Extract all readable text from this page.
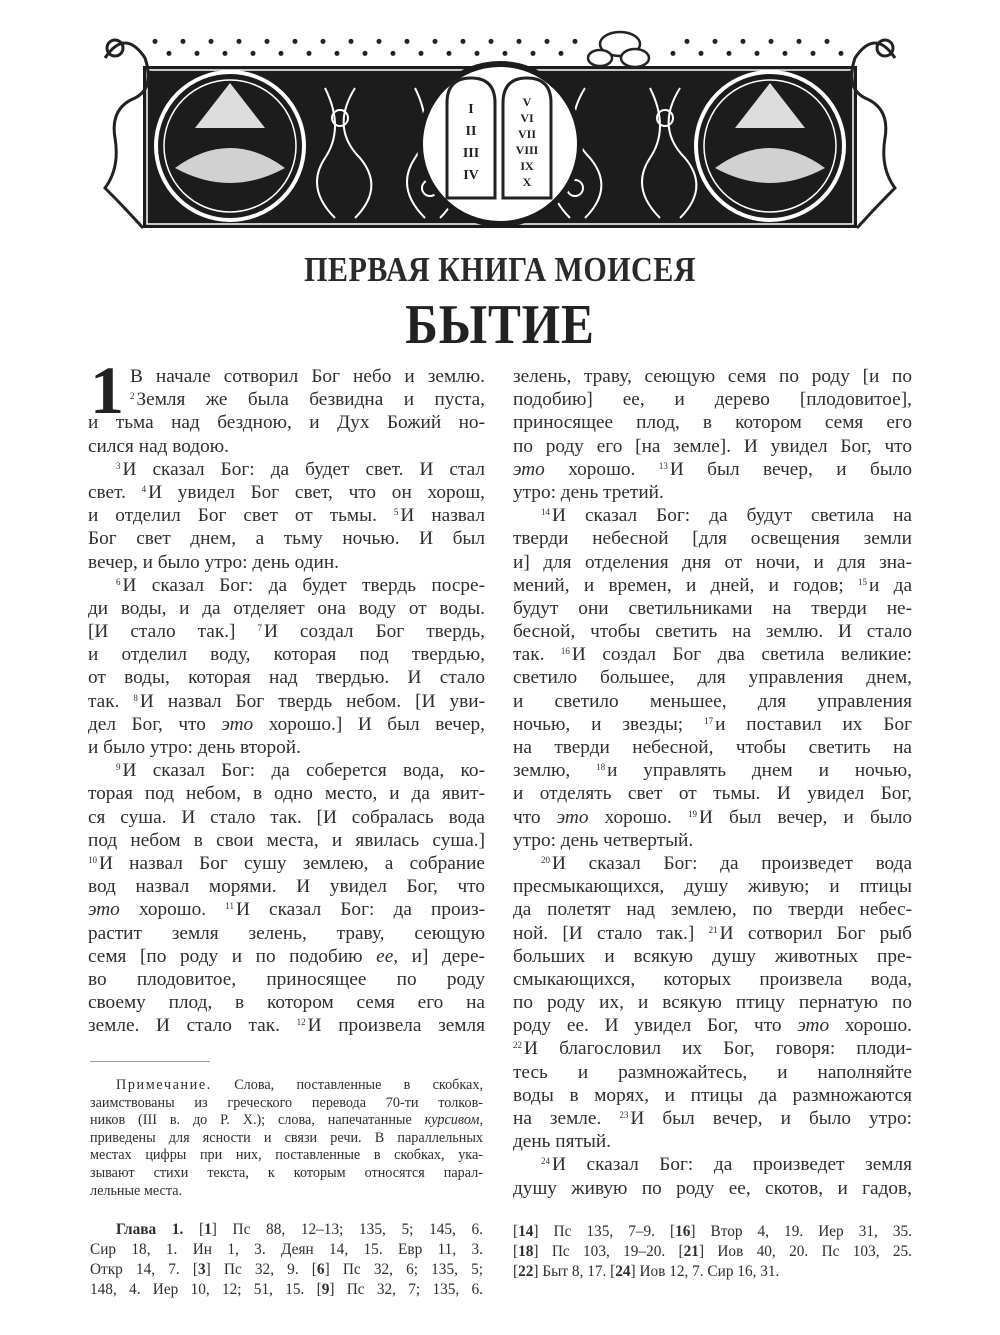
I
II
III
IV
V
VI
VII
VIII
IX
X
ПЕРВАЯ КНИГА МОИСЕЯ
БЫТИЕ
1 В начале сотворил Бог небо и землю.
$^2$ Земля же была безвидна и пуста,
и тьма над бездною, и Дух Божий но-
сился над водою.
$^3$ И сказал Бог: да будет свет. И стал
свет. $^4$ И увидел Бог свет, что он хорош,
и отделил Бог свет от тьмы. $^5$ И назвал
Бог свет днем, а тьму ночью. И был
вечер, и было утро: день один.
$^6$ И сказал Бог: да будет твердь посре-
ди воды, и да отделяет она воду от воды.
[И стало так.] $^7$ И создал Бог твердь,
и отделил воду, которая под твердью,
от воды, которая над твердью. И стало
так. $^8$ И назвал Бог твердь небом. [И уви-
дел Бог, что это хорошо.] И был вечер,
и было утро: день второй.
$^9$ И сказал Бог: да соберется вода, ко-
торая под небом, в одно место, и да явит-
ся суша. И стало так. [И собралась вода
под небом в свои места, и явилась суша.]
$^{10}$ И назвал Бог сушу землею, а собрание
вод назвал морями. И увидел Бог, что
это хорошо. $^{11}$ И сказал Бог: да произ-
растит земля зелень, траву, сеющую
семя [по роду и по подобию ее, и] дере-
во плодовитое, приносящее по роду
своему плод, в котором семя его на
земле. И стало так. $^{12}$ И произвела земля
зелень, траву, сеющую семя по роду [и по
подобию] ее, и дерево [плодовитое],
приносящее плод, в котором семя его
по роду его [на земле]. И увидел Бог, что
это хорошо. $^{13}$ И был вечер, и было
утро: день третий.
$^{14}$ И сказал Бог: да будут светила на
тверди небесной [для освещения земли
и] для отделения дня от ночи, и для зна-
мений, и времен, и дней, и годов; $^{15}$ и да
будут они светильниками на тверди не-
бесной, чтобы светить на землю. И стало
так. $^{16}$ И создал Бог два светила великие:
светило большее, для управления днем,
и светило меньшее, для управления
ночью, и звезды; $^{17}$ и поставил их Бог
на тверди небесной, чтобы светить на
землю, $^{18}$ и управлять днем и ночью,
и отделять свет от тьмы. И увидел Бог,
что это хорошо. $^{19}$ И был вечер, и было
утро: день четвертый.
$^{20}$ И сказал Бог: да произведет вода
пресмыкающихся, душу живую; и птицы
да полетят над землею, по тверди небес-
ной. [И стало так.] $^{21}$ И сотворил Бог рыб
больших и всякую душу животных пре-
смыкающихся, которых произвела вода,
по роду их, и всякую птицу пернатую по
роду ее. И увидел Бог, что это хорошо.
$^{22}$ И благословил их Бог, говоря: плоди-
тесь и размножайтесь, и наполняйте
воды в морях, и птицы да размножаются
на земле. $^{23}$ И был вечер, и было утро:
день пятый.
$^{24}$ И сказал Бог: да произведет земля
душу живую по роду ее, скотов, и гадов,
Примечание. Слова, поставленные в скобках,
заимствованы из греческого перевода 70-ти толков-
ников (III в. до Р. Х.); слова, напечатанные курсивом,
приведены для ясности и связи речи. В параллельных
местах цифры при них, поставленные в скобках, ука-
зывают стихи текста, к которым относятся парал-
лельные места.
Глава 1. [1] Пс 88, 12–13; 135, 5; 145, 6.
Сир 18, 1. Ин 1, 3. Деян 14, 15. Евр 11, 3.
Откр 14, 7. [3] Пс 32, 9. [6] Пс 32, 6; 135, 5;
148, 4. Иер 10, 12; 51, 15. [9] Пс 32, 7; 135, 6.
[14] Пс 135, 7–9. [16] Втор 4, 19. Иер 31, 35.
[18] Пс 103, 19–20. [21] Иов 40, 20. Пс 103, 25.
[22] Быт 8, 17. [24] Иов 12, 7. Сир 16, 31.
